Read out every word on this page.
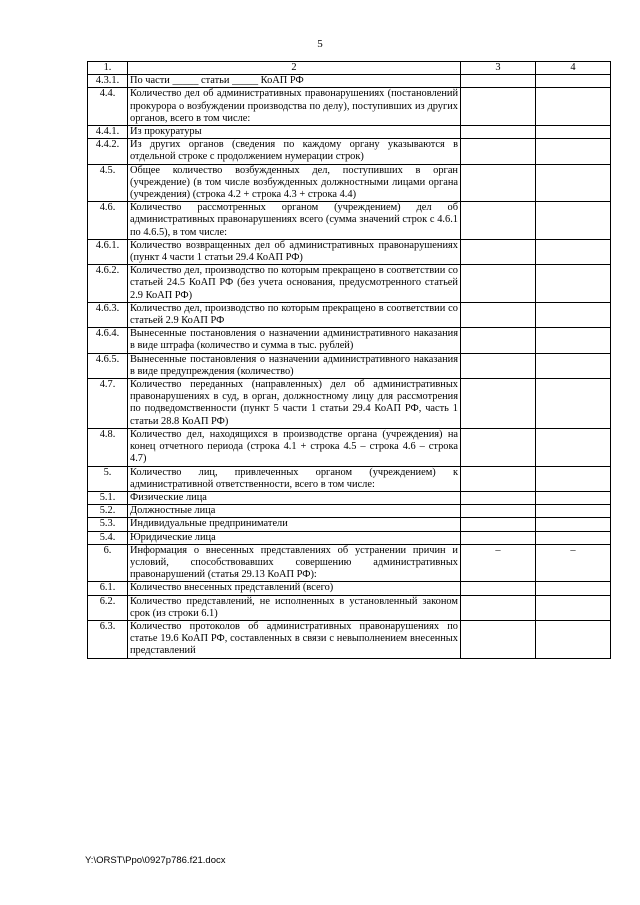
5
1.	2	3	4
4.3.1.	По части _____ статьи _____ КоАП РФ		
4.4.	Количество дел об административных правонарушениях (постановлений прокурора о возбуждении производства по делу), поступивших из других органов, всего в том числе:		
4.4.1.	Из прокуратуры		
4.4.2.	Из других органов (сведения по каждому органу указываются в отдельной строке с продолжением нумерации строк)		
4.5.	Общее количество возбужденных дел, поступивших в орган (учреждение) (в том числе возбужденных должностными лицами органа (учреждения) (строка 4.2 + строка 4.3 + строка 4.4)		
4.6.	Количество рассмотренных органом (учреждением) дел об административных правонарушениях всего (сумма значений строк с 4.6.1 по 4.6.5), в том числе:		
4.6.1.	Количество возвращенных дел об административных правонарушениях (пункт 4 части 1 статьи 29.4 КоАП РФ)		
4.6.2.	Количество дел, производство по которым прекращено в соответствии со статьей 24.5 КоАП РФ (без учета основания, предусмотренного статьей 2.9 КоАП РФ)		
4.6.3.	Количество дел, производство по которым прекращено в соответствии со статьей 2.9 КоАП РФ		
4.6.4.	Вынесенные постановления о назначении административного наказания в виде штрафа (количество и сумма в тыс. рублей)		
4.6.5.	Вынесенные постановления о назначении административного наказания в виде предупреждения (количество)		
4.7.	Количество переданных (направленных) дел об административных правонарушениях в суд, в орган, должностному лицу для рассмотрения по подведомственности (пункт 5 части 1 статьи 29.4 КоАП РФ, часть 1 статьи 28.8 КоАП РФ)		
4.8.	Количество дел, находящихся в производстве органа (учреждения) на конец отчетного периода (строка 4.1 + строка 4.5 – строка 4.6 – строка 4.7)		
5.	Количество лиц, привлеченных органом (учреждением) к административной ответственности, всего в том числе:		
5.1.	Физические лица		
5.2.	Должностные лица		
5.3.	Индивидуальные предприниматели		
5.4.	Юридические лица		
6.	Информация о внесенных представлениях об устранении причин и условий, способствовавших совершению административных правонарушений (статья 29.13 КоАП РФ):	–	–
6.1.	Количество внесенных представлений (всего)		
6.2.	Количество представлений, не исполненных в установленный законом срок (из строки 6.1)		
6.3.	Количество протоколов об административных правонарушениях по статье 19.6 КоАП РФ, составленных в связи с невыполнением внесенных представлений		
Y:\ORST\Ppo\0927p786.f21.docx
